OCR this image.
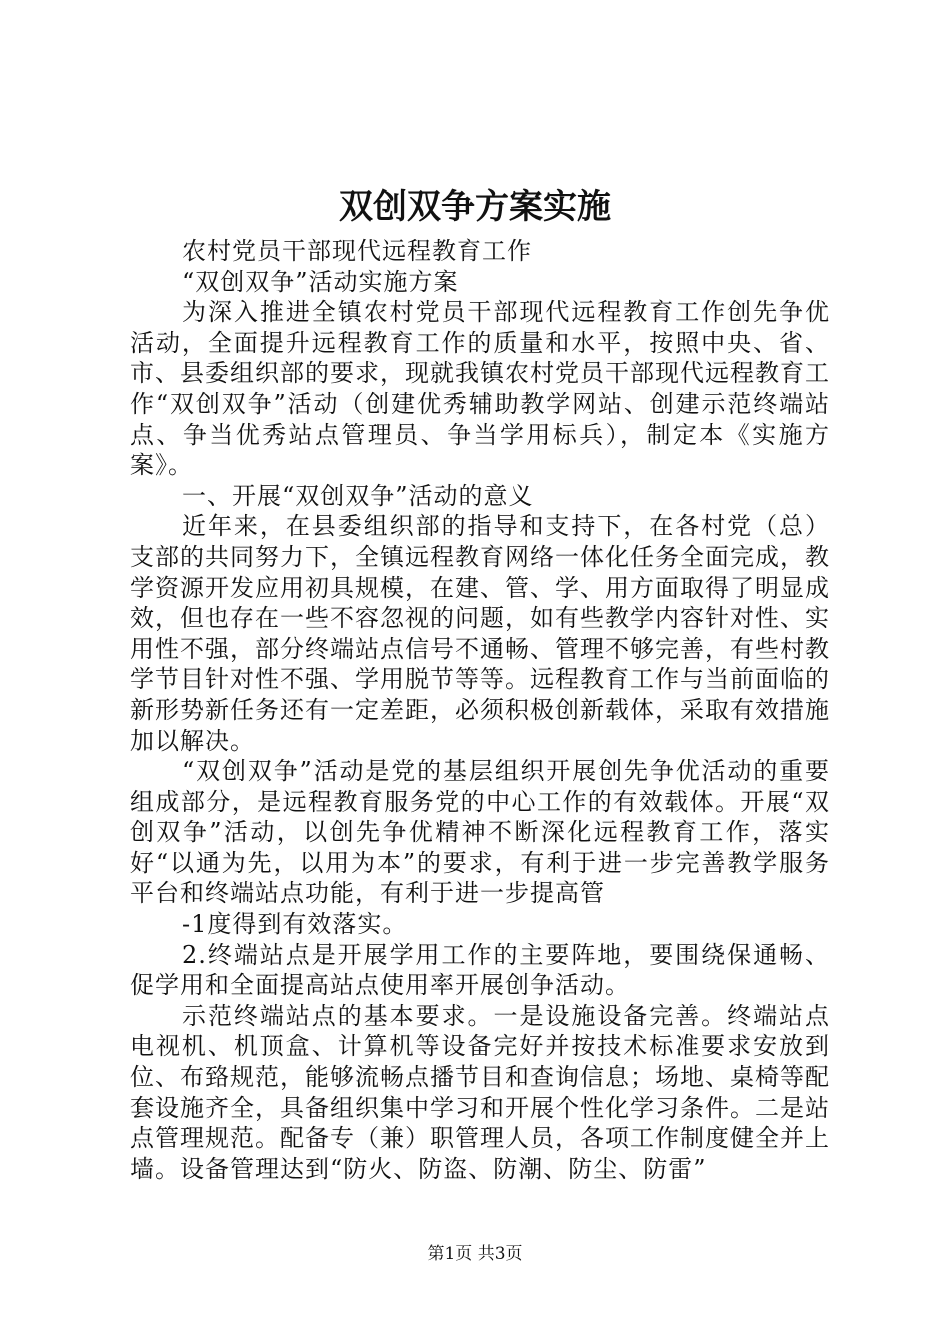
双创双争方案实施

农村党员干部现代远程教育工作

“双创双争”活动实施方案

为深入推进全镇农村党员干部现代远程教育工作创先争优活动，全面提升远程教育工作的质量和水平，按照中央、省、市、县委组织部的要求，现就我镇农村党员干部现代远程教育工作“双创双争”活动（创建优秀辅助教学网站、创建示范终端站点、争当优秀站点管理员、争当学用标兵），制定本《实施方案》。

一、开展“双创双争”活动的意义

近年来，在县委组织部的指导和支持下，在各村党（总）支部的共同努力下，全镇远程教育网络一体化任务全面完成，教学资源开发应用初具规模，在建、管、学、用方面取得了明显成效，但也存在一些不容忽视的问题，如有些教学内容针对性、实用性不强，部分终端站点信号不通畅、管理不够完善，有些村教学节目针对性不强、学用脱节等等。远程教育工作与当前面临的新形势新任务还有一定差距，必须积极创新载体，采取有效措施加以解决。

“双创双争”活动是党的基层组织开展创先争优活动的重要组成部分，是远程教育服务党的中心工作的有效载体。开展“双创双争”活动，以创先争优精神不断深化远程教育工作，落实好“以通为先，以用为本”的要求，有利于进一步完善教学服务平台和终端站点功能，有利于进一步提高管

-1度得到有效落实。

2.终端站点是开展学用工作的主要阵地，要围绕保通畅、促学用和全面提高站点使用率开展创争活动。

示范终端站点的基本要求。一是设施设备完善。终端站点电视机、机顶盒、计算机等设备完好并按技术标准要求安放到位、布臵规范，能够流畅点播节目和查询信息；场地、桌椅等配套设施齐全，具备组织集中学习和开展个性化学习条件。二是站点管理规范。配备专（兼）职管理人员，各项工作制度健全并上墙。设备管理达到“防火、防盗、防潮、防尘、防雷”

第1页 共3页
